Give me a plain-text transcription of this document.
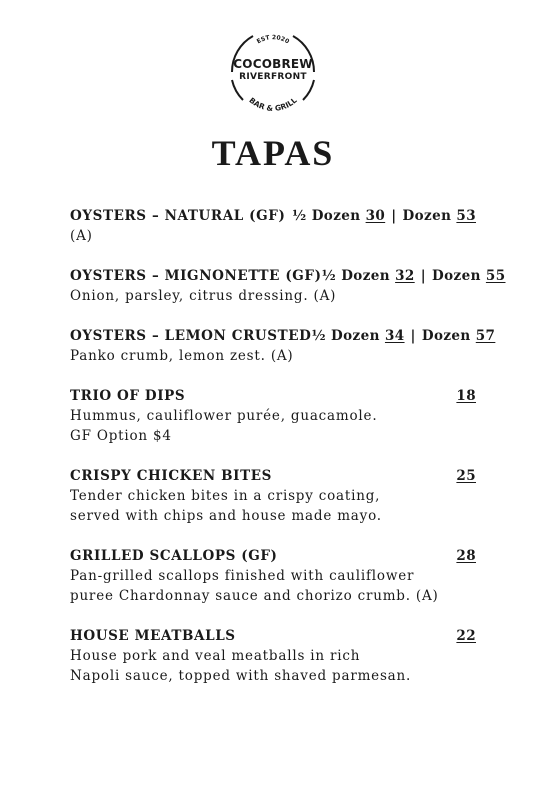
EST 2020
BAR & GRILL
COCOBREW
RIVERFRONT
TAPAS
OYSTERS – NATURAL (GF) ½ Dozen 30 | Dozen 53
(A)
OYSTERS – MIGNONETTE (GF) ½ Dozen 32 | Dozen 55
Onion, parsley, citrus dressing. (A)
OYSTERS – LEMON CRUSTED ½ Dozen 34 | Dozen 57
Panko crumb, lemon zest. (A)
TRIO OF DIPS	18
Hummus, cauliflower purée, guacamole.
GF Option $4
CRISPY CHICKEN BITES	25
Tender chicken bites in a crispy coating,
served with chips and house made mayo.
GRILLED SCALLOPS (GF)	28
Pan-grilled scallops finished with cauliflower
puree Chardonnay sauce and chorizo crumb. (A)
HOUSE MEATBALLS	22
House pork and veal meatballs in rich
Napoli sauce, topped with shaved parmesan.
